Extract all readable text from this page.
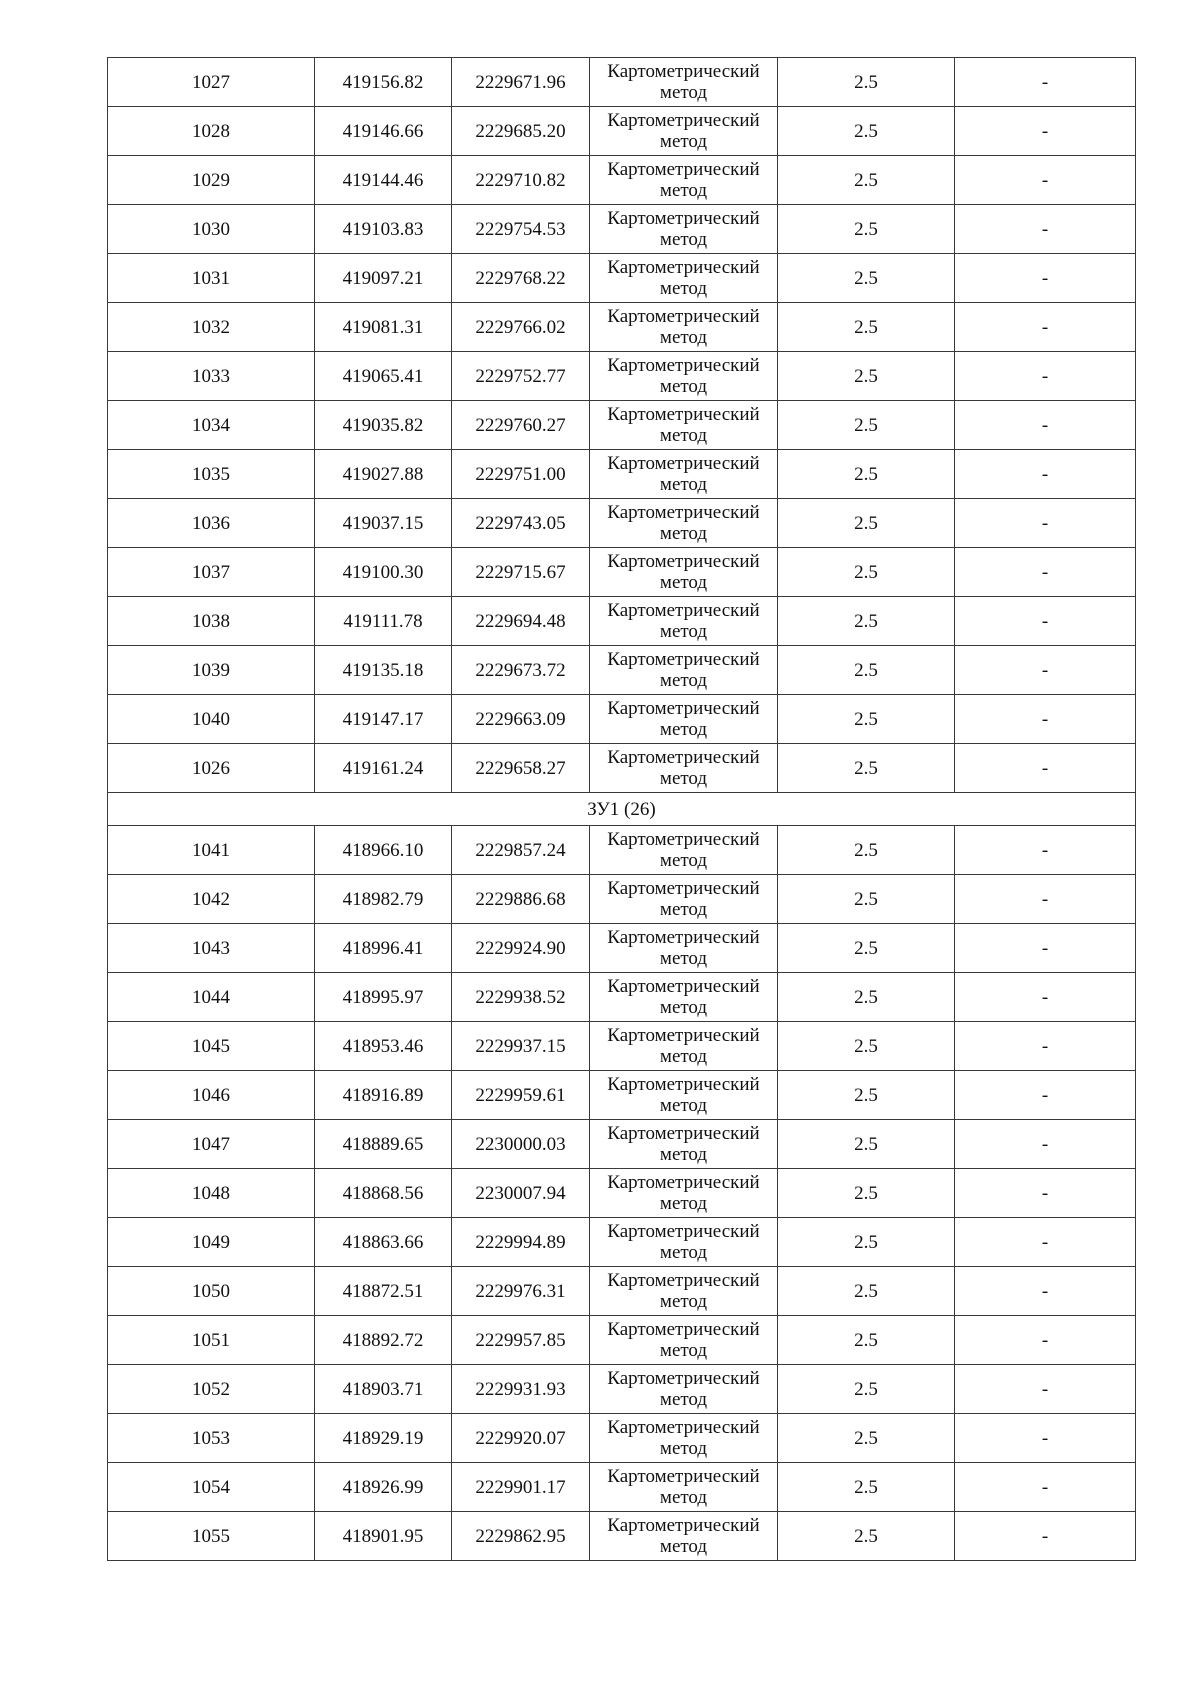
1027	419156.82	2229671.96	Картометрический
метод	2.5	-
1028	419146.66	2229685.20	Картометрический
метод	2.5	-
1029	419144.46	2229710.82	Картометрический
метод	2.5	-
1030	419103.83	2229754.53	Картометрический
метод	2.5	-
1031	419097.21	2229768.22	Картометрический
метод	2.5	-
1032	419081.31	2229766.02	Картометрический
метод	2.5	-
1033	419065.41	2229752.77	Картометрический
метод	2.5	-
1034	419035.82	2229760.27	Картометрический
метод	2.5	-
1035	419027.88	2229751.00	Картометрический
метод	2.5	-
1036	419037.15	2229743.05	Картометрический
метод	2.5	-
1037	419100.30	2229715.67	Картометрический
метод	2.5	-
1038	419111.78	2229694.48	Картометрический
метод	2.5	-
1039	419135.18	2229673.72	Картометрический
метод	2.5	-
1040	419147.17	2229663.09	Картометрический
метод	2.5	-
1026	419161.24	2229658.27	Картометрический
метод	2.5	-
ЗУ1 (26)					
1041	418966.10	2229857.24	Картометрический
метод	2.5	-
1042	418982.79	2229886.68	Картометрический
метод	2.5	-
1043	418996.41	2229924.90	Картометрический
метод	2.5	-
1044	418995.97	2229938.52	Картометрический
метод	2.5	-
1045	418953.46	2229937.15	Картометрический
метод	2.5	-
1046	418916.89	2229959.61	Картометрический
метод	2.5	-
1047	418889.65	2230000.03	Картометрический
метод	2.5	-
1048	418868.56	2230007.94	Картометрический
метод	2.5	-
1049	418863.66	2229994.89	Картометрический
метод	2.5	-
1050	418872.51	2229976.31	Картометрический
метод	2.5	-
1051	418892.72	2229957.85	Картометрический
метод	2.5	-
1052	418903.71	2229931.93	Картометрический
метод	2.5	-
1053	418929.19	2229920.07	Картометрический
метод	2.5	-
1054	418926.99	2229901.17	Картометрический
метод	2.5	-
1055	418901.95	2229862.95	Картометрический
метод	2.5	-
